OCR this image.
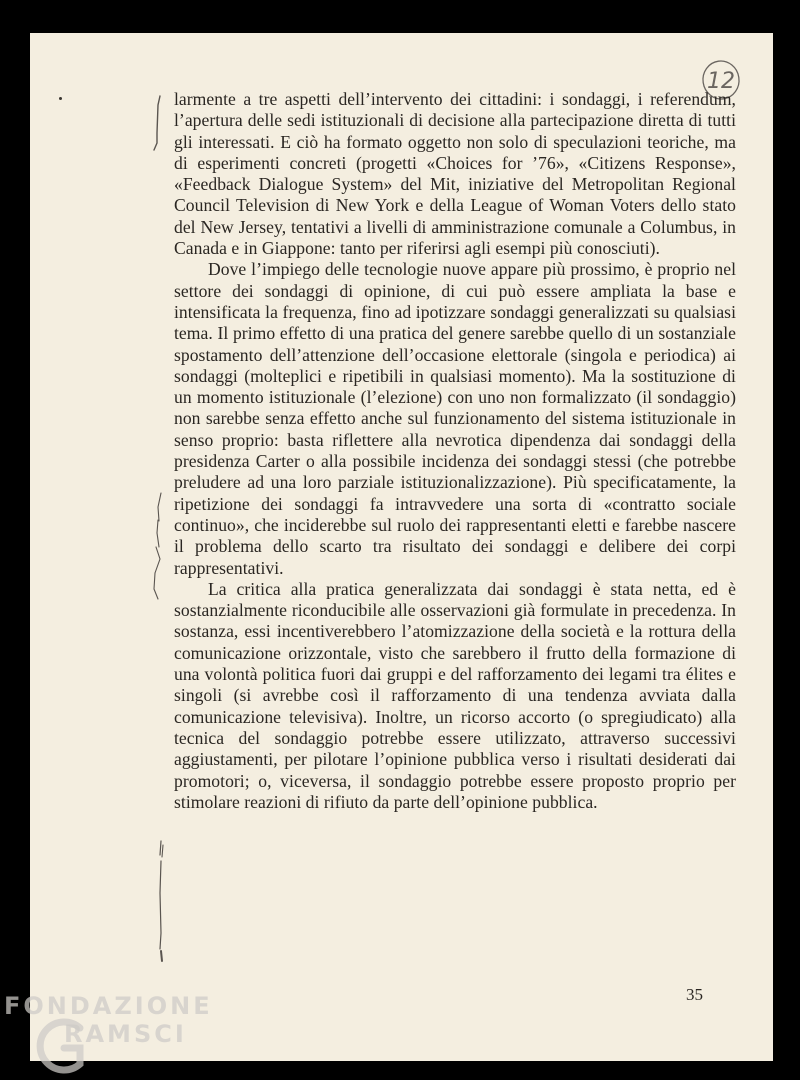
12

larmente a tre aspetti dell’intervento dei cittadini: i sondaggi, i referendum, l’apertura delle sedi istituzionali di decisione alla partecipazione diretta di tutti gli interessati. E ciò ha formato oggetto non solo di speculazioni teoriche, ma di esperimenti concreti (progetti «Choices for ’76», «Citizens Response», «Feedback Dialogue System» del Mit, iniziative del Metropolitan Regional Council Television di New York e della League of Woman Voters dello stato del New Jersey, tentativi a livelli di amministrazione comunale a Columbus, in Canada e in Giappone: tanto per riferirsi agli esempi più conosciuti).

Dove l’impiego delle tecnologie nuove appare più prossimo, è proprio nel settore dei sondaggi di opinione, di cui può essere ampliata la base e intensificata la frequenza, fino ad ipotizzare sondaggi generalizzati su qualsiasi tema. Il primo effetto di una pratica del genere sarebbe quello di un sostanziale spostamento dell’attenzione dell’occasione elettorale (singola e periodica) ai sondaggi (molteplici e ripetibili in qualsiasi momento). Ma la sostituzione di un momento istituzionale (l’elezione) con uno non formalizzato (il sondaggio) non sarebbe senza effetto anche sul funzionamento del sistema istituzionale in senso proprio: basta riflettere alla nevrotica dipendenza dai sondaggi della presidenza Carter o alla possibile incidenza dei sondaggi stessi (che potrebbe preludere ad una loro parziale istituzionalizzazione). Più specificatamente, la ripetizione dei sondaggi fa intravvedere una sorta di «contratto sociale continuo», che inciderebbe sul ruolo dei rappresentanti eletti e farebbe nascere il problema dello scarto tra risultato dei sondaggi e delibere dei corpi rappresentativi.

La critica alla pratica generalizzata dai sondaggi è stata netta, ed è sostanzialmente riconducibile alle osservazioni già formulate in precedenza. In sostanza, essi incentiverebbero l’atomizzazione della società e la rottura della comunicazione orizzontale, visto che sarebbero il frutto della formazione di una volontà politica fuori dai gruppi e del rafforzamento dei legami tra élites e singoli (si avrebbe così il rafforzamento di una tendenza avviata dalla comunicazione televisiva). Inoltre, un ricorso accorto (o spregiudicato) alla tecnica del sondaggio potrebbe essere utilizzato, attraverso successivi aggiustamenti, per pilotare l’opinione pubblica verso i risultati desiderati dai promotori; o, viceversa, il sondaggio potrebbe essere proposto proprio per stimolare reazioni di rifiuto da parte dell’opinione pubblica.

35
FONDAZIONE
RAMSCI
